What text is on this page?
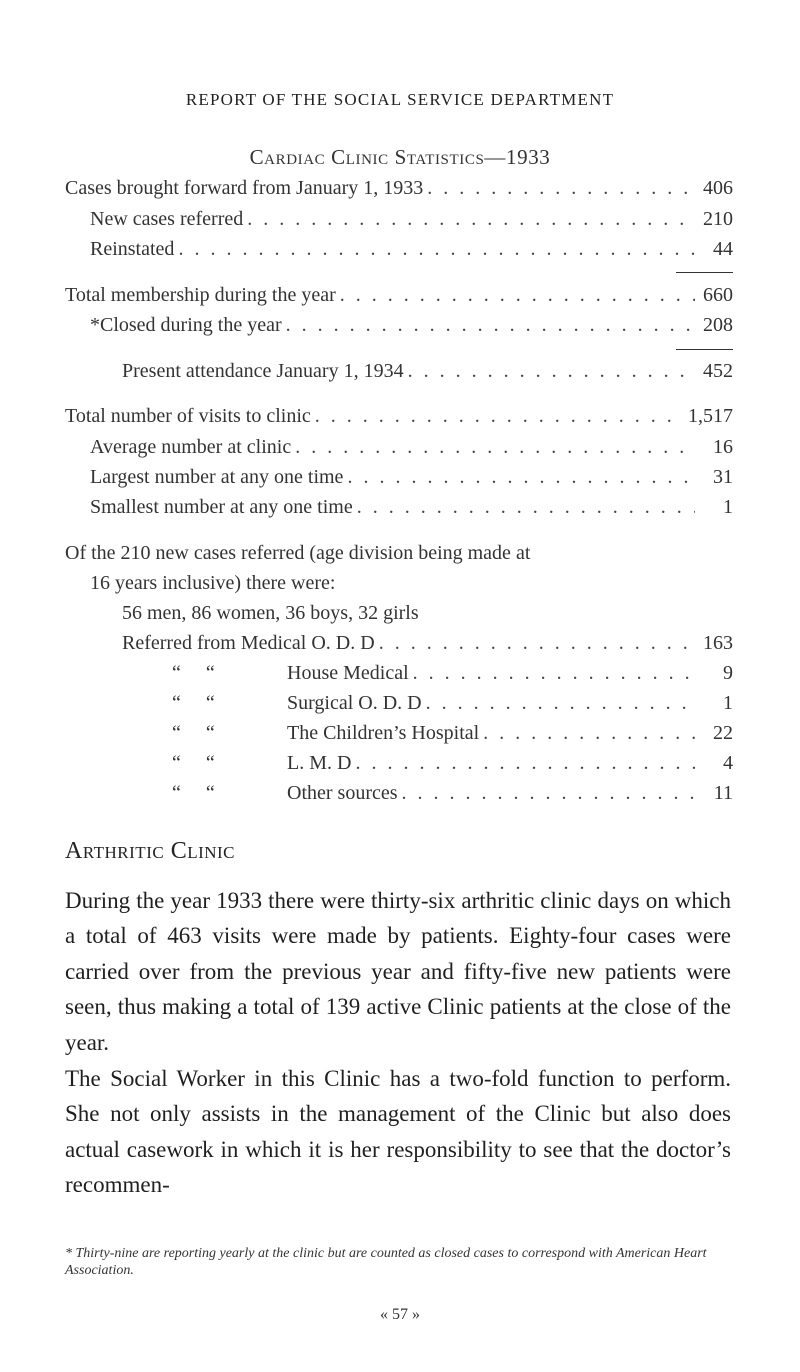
REPORT OF THE SOCIAL SERVICE DEPARTMENT
Cardiac Clinic Statistics—1933
Cases brought forward from January 1, 1933 . . .	406
New cases referred . . .	210
Reinstated . . .	44
Total membership during the year . . .	660
*Closed during the year . . .	208
Present attendance January 1, 1934 . . .	452
Total number of visits to clinic . . .	1,517
Average number at clinic . . .	16
Largest number at any one time . . .	31
Smallest number at any one time . . .	1
Of the 210 new cases referred (age division being made at
16 years inclusive) there were:
56 men, 86 women, 36 boys, 32 girls
Referred from Medical O. D. D . . .	163
“     “	House Medical . . .	9
“     “	Surgical O. D. D . . .	1
“     “	The Children’s Hospital . . .	22
“     “	L. M. D . . .	4
“     “	Other sources . . .	11
Arthritic Clinic
During the year 1933 there were thirty-six arthritic clinic days on which a total of 463 visits were made by patients. Eighty-four cases were carried over from the previous year and fifty-five new patients were seen, thus making a total of 139 active Clinic patients at the close of the year.
The Social Worker in this Clinic has a two-fold function to perform. She not only assists in the management of the Clinic but also does actual casework in which it is her responsibility to see that the doctor’s recommen-
* Thirty-nine are reporting yearly at the clinic but are counted as closed cases to correspond with American Heart Association.
« 57 »
